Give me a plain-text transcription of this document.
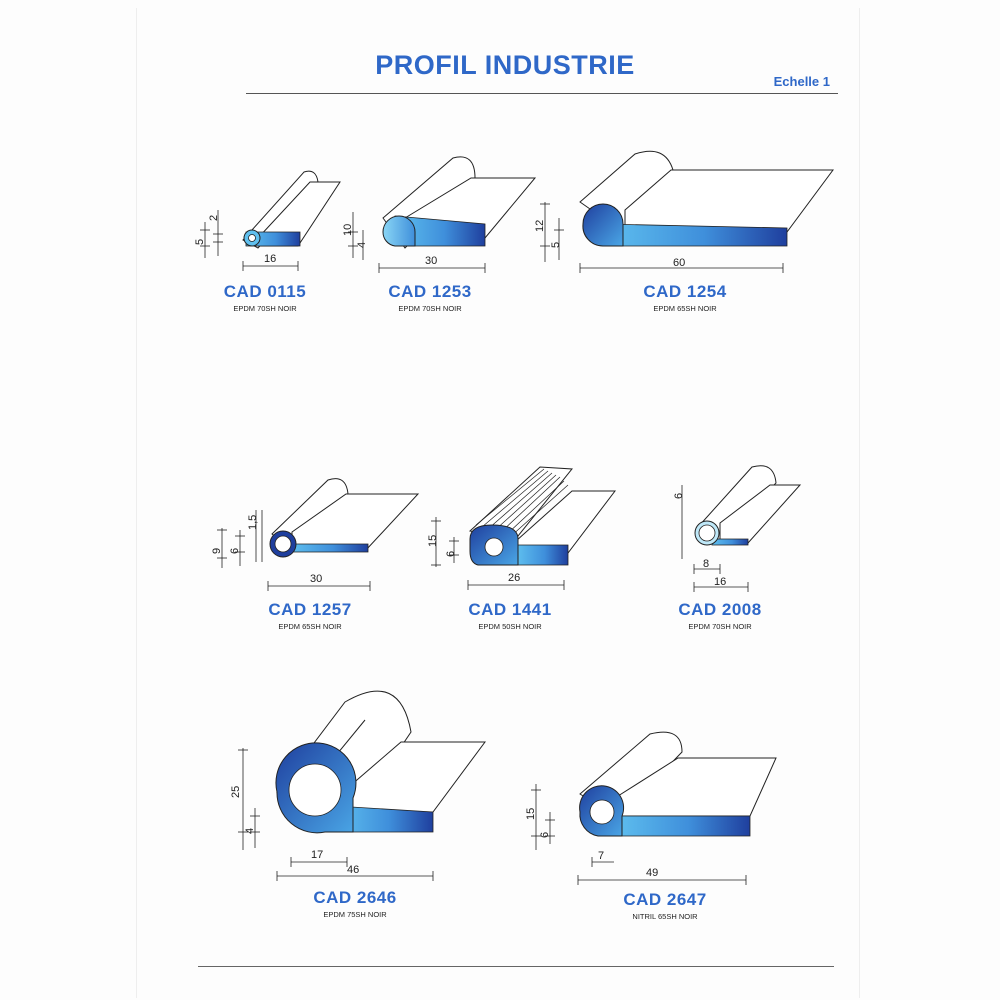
PROFIL INDUSTRIE
Echelle 1
5
2
16
CAD 0115
EPDM 70SH NOIR
10
4
30
CAD 1253
EPDM 70SH NOIR
12
5
60
CAD 1254
EPDM 65SH NOIR
9 6
1,5
30
CAD 1257
EPDM 65SH NOIR
15
6
26
CAD 1441
EPDM 50SH NOIR
6
8
16
CAD 2008
EPDM 70SH NOIR
25
4
17
46
CAD 2646
EPDM 75SH NOIR
15
6
7
49
CAD 2647
NITRIL 65SH NOIR
